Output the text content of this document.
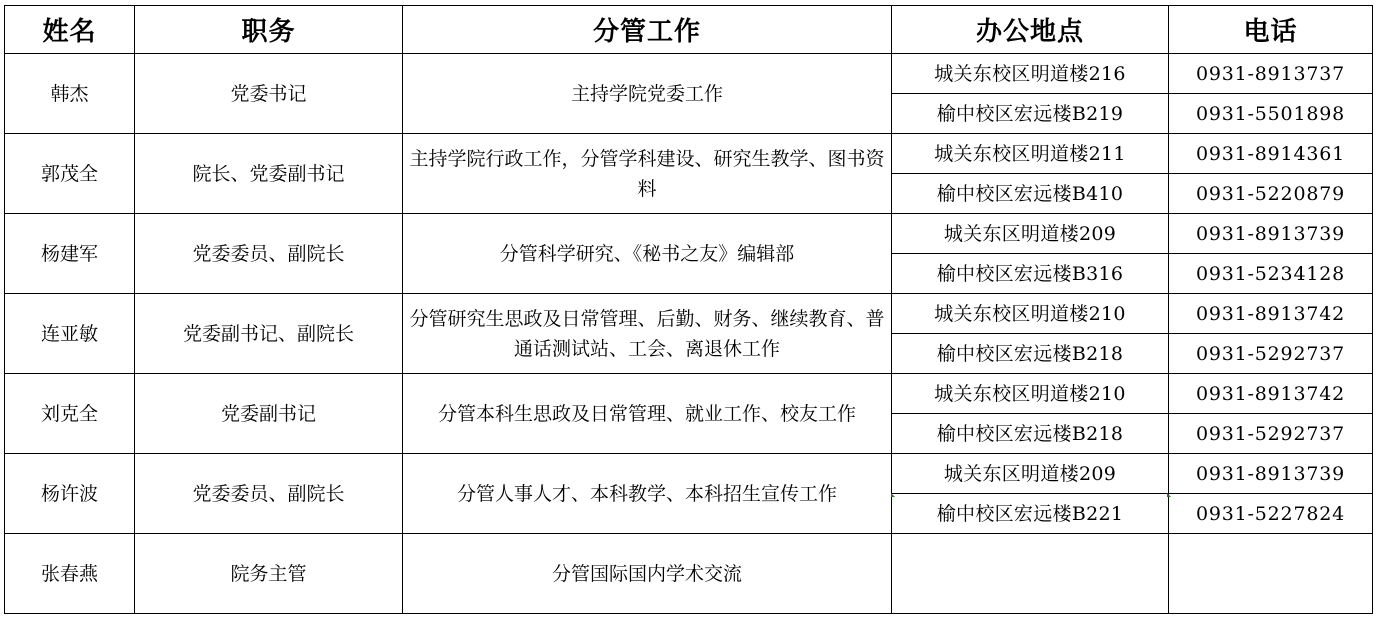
姓名	职务	分管工作	办公地点	电话
韩杰	党委书记	主持学院党委工作	城关东校区明道楼216	0931-8913737
			榆中校区宏远楼B219	0931-5501898
郭茂全	院长、党委副书记	主持学院行政工作，分管学科建设、研究生教学、图书资料	城关东校区明道楼211	0931-8914361
			榆中校区宏远楼B410	0931-5220879
杨建军	党委委员、副院长	分管科学研究、《秘书之友》编辑部	城关东区明道楼209	0931-8913739
			榆中校区宏远楼B316	0931-5234128
连亚敏	党委副书记、副院长	分管研究生思政及日常管理、后勤、财务、继续教育、普通话测试站、工会、离退休工作	城关东校区明道楼210	0931-8913742
			榆中校区宏远楼B218	0931-5292737
刘克全	党委副书记	分管本科生思政及日常管理、就业工作、校友工作	城关东校区明道楼210	0931-8913742
			榆中校区宏远楼B218	0931-5292737
杨许波	党委委员、副院长	分管人事人才、本科教学、本科招生宣传工作	城关东区明道楼209	0931-8913739
			榆中校区宏远楼B221	0931-5227824
张春燕	院务主管	分管国际国内学术交流		
